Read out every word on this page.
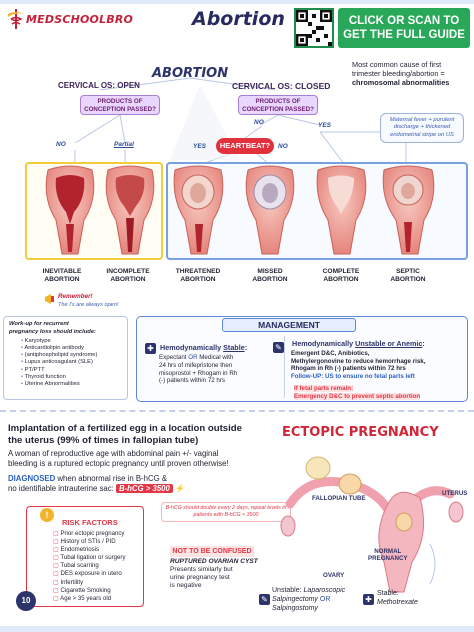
MEDSCHOOLBRO	Abortion	CLICK OR SCAN TO
GET THE FULL GUIDE
Most common cause of first
trimester bleeding/abortion =
chromosomal abnormalities
ABORTION
CERVICAL OS: OPEN	CERVICAL OS: CLOSED
PRODUCTS OF CONCEPTION PASSED?
PRODUCTS OF CONCEPTION PASSED?
NO	Partial
NO	YES
YES	NO
HEARTBEAT?
Maternal fever + purulent discharge + thickened endometrial stripe on US
INEVITABLE
ABORTION
INCOMPLETE
ABORTION
THREATENED
ABORTION
MISSED
ABORTION
COMPLETE
ABORTION
SEPTIC
ABORTION
Remember!
The I's are always open!
Work-up for recurrent
pregnancy loss should include:
• Karyotype
• Anticardiolipin antibody
• (antiphospholipid syndrome)
• Lupus anticoagulant (SLE)
• PT/PTT
• Thyroid function
• Uterine Abnormalities
MANAGEMENT
✚ Hemodynamically Stable:
Expectant OR Medical with
24 hrs of mifepristone then
misoprostol + Rhogam in Rh
(-) patients within 72 hrs
✎ Hemodynamically Unstable or Anemic:
Emergent D&C, Anibiotics,
Methylergonovine to reduce hemorrhage risk,
Rhogam in Rh (-) patients within 72 hrs
Follow-UP: US to ensure no fetal parts left
If fetal parts remain:
Emergency D&C to prevent septic abortion
Implantation of a fertilized egg in a location outside
the uterus (99% of times in fallopian tube)
A woman of reproductive age with abdominal pain +/- vaginal
bleeding is a ruptured ectopic pregnancy until proven otherwise!
DIAGNOSED when abnormal rise in B-hCG &
no identifiable intrauterine sac: B-hCG > 3500 ⚡
B-hCG should double every 2 days, repeat levels in patients with B-hCG < 3500
!
RISK FACTORS
▢ Prior ectopic pregnancy
▢ History of STIs / PID
▢ Endometriosis
▢ Tubal ligation or surgery
▢ Tubal scarring
▢ DES exposure in utero
▢ Infertility
▢ Cigarette Smoking
▢ Age > 35 years old
NOT TO BE CONFUSED
RUPTURED OVARIAN CYST
Presents similarly but
urine pregnancy test
is negative
ECTOPIC PREGNANCY
FALLOPIAN TUBE
UTERUS
OVARY
NORMAL
PREGNANCY
✎
Unstable: Laparoscopic
Salpingectomy OR
Salpingostomy
✚
Stable:
Methotrexate
10
